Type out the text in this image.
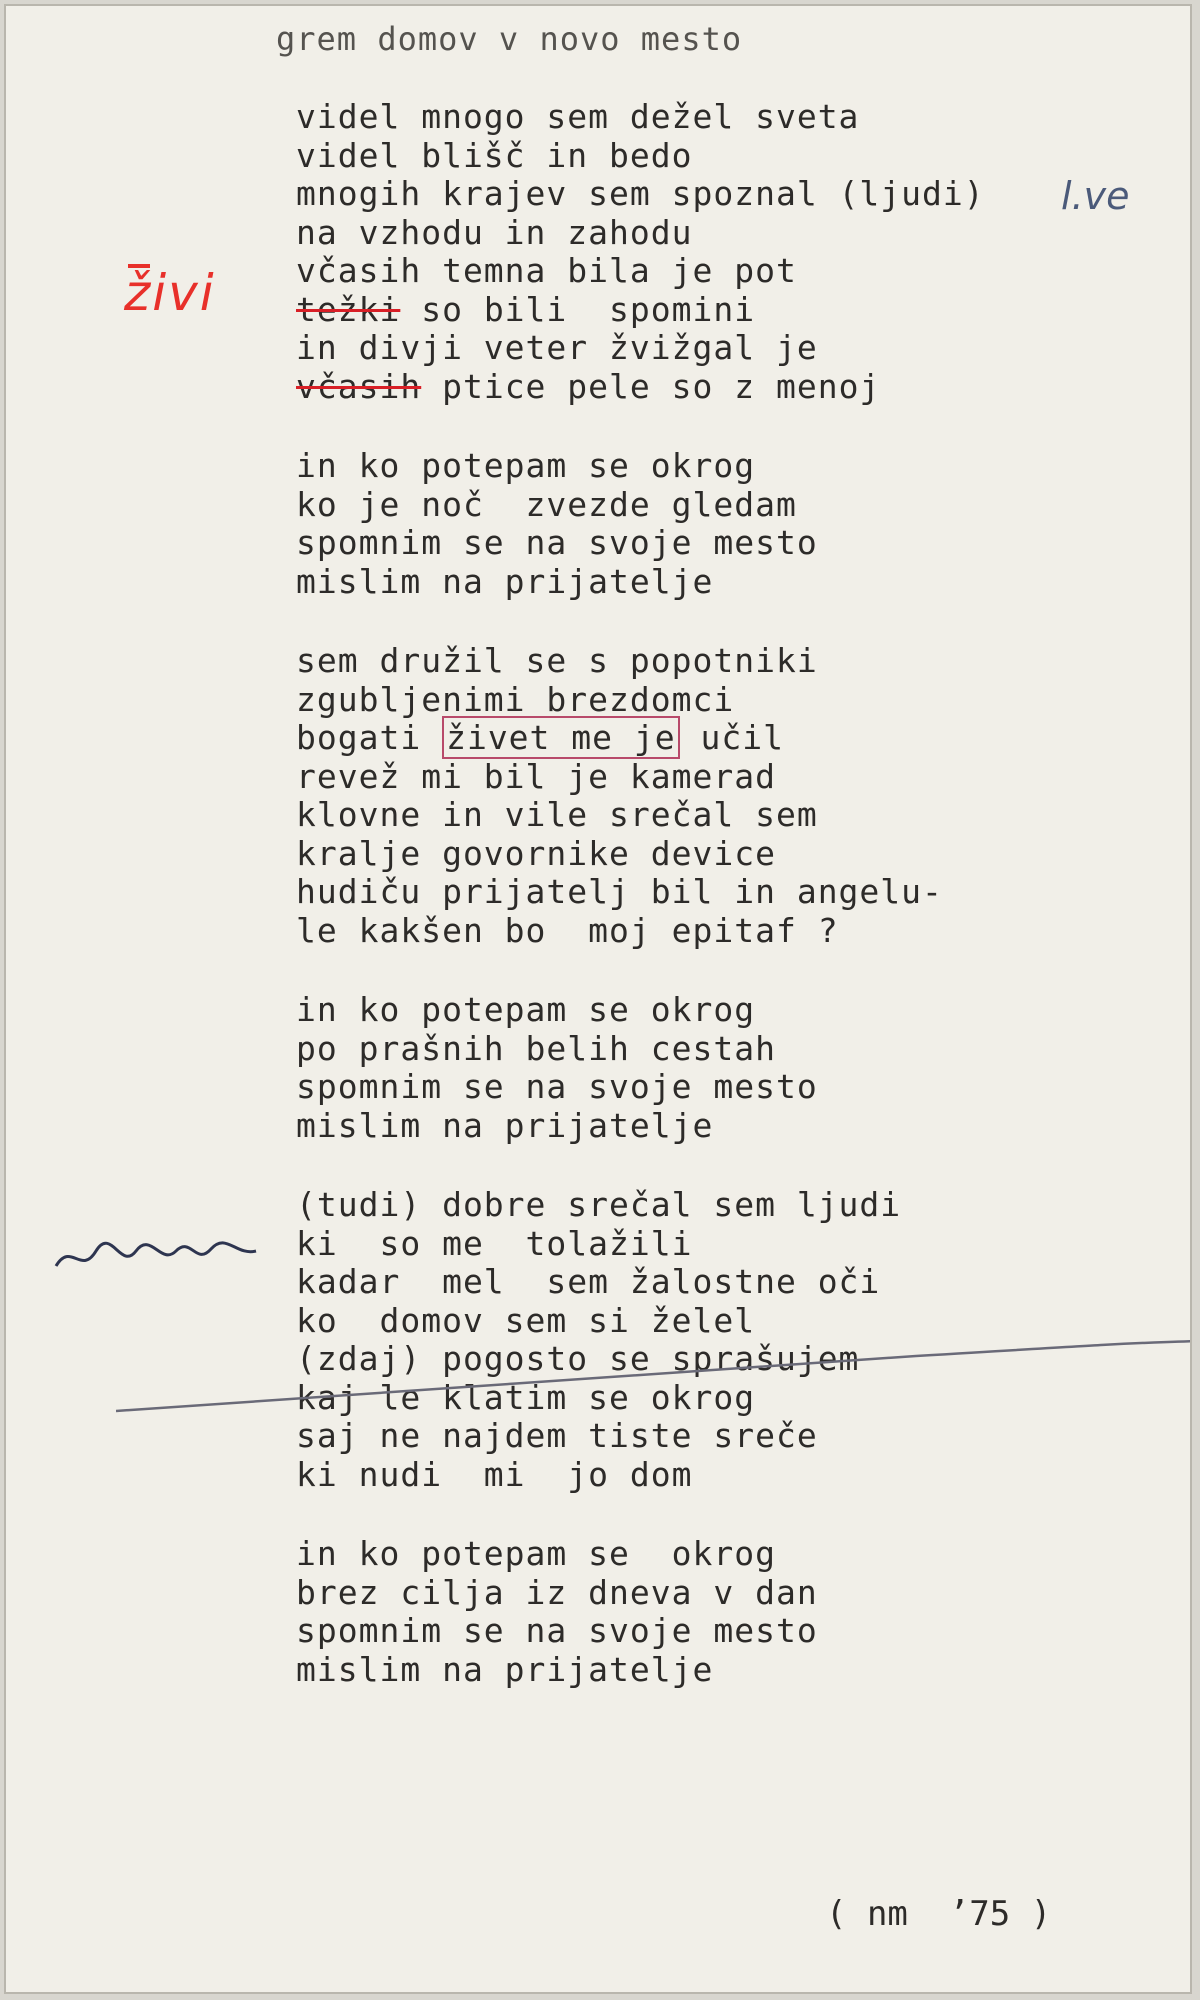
grem domov v novo mesto
videl mnogo sem dežel sveta
videl blišč in bedo
mnogih krajev sem spoznal (ljudi)
na vzhodu in zahodu
včasih temna bila je pot
težki so bili  spomini
in divji veter žvižgal je
včasih ptice pele so z menoj
in ko potepam se okrog
ko je noč  zvezde gledam
spomnim se na svoje mesto
mislim na prijatelje
sem družil se s popotniki
zgubljenimi brezdomci
bogati živet me je učil
revež mi bil je kamerad
klovne in vile srečal sem
kralje govornike device
hudiču prijatelj bil in angelu-
le kakšen bo  moj epitaf ?
in ko potepam se okrog
po prašnih belih cestah
spomnim se na svoje mesto
mislim na prijatelje
(tudi) dobre srečal sem ljudi
ki  so me  tolažili
kadar  mel  sem žalostne oči
ko  domov sem si želel
(zdaj) pogosto se sprašujem
kaj le klatim se okrog
saj ne najdem tiste sreče
ki nudi  mi  jo dom
in ko potepam se  okrog
brez cilja iz dneva v dan
spomnim se na svoje mesto
mislim na prijatelje
živi
l.ve
( nm  ’75 )
